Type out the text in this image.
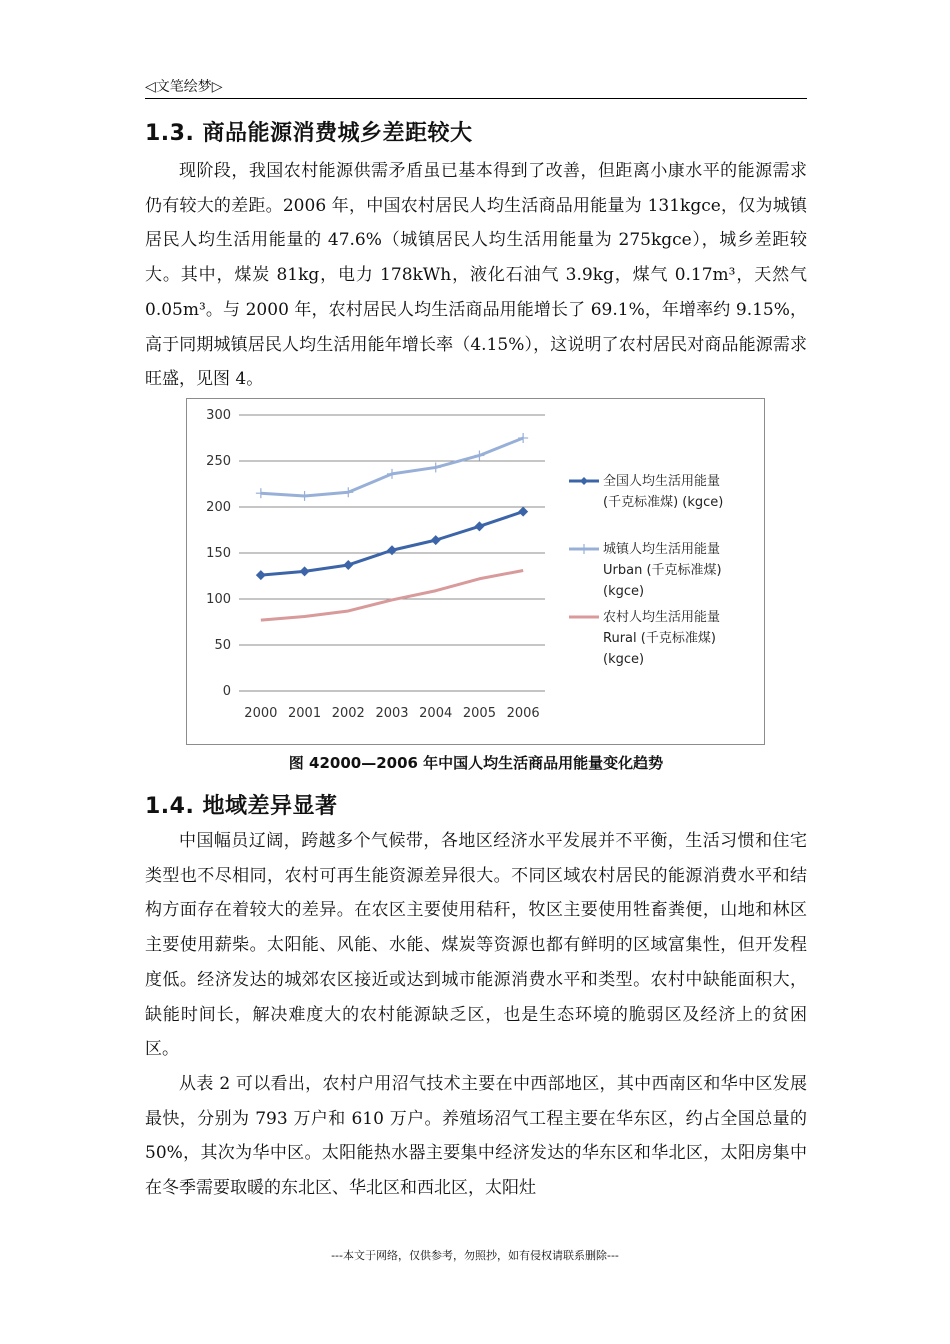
◁文笔绘梦▷
1.3. 商品能源消费城乡差距较大

现阶段，我国农村能源供需矛盾虽已基本得到了改善，但距离小康水平的能源需求仍有较大的差距。2006 年，中国农村居民人均生活商品用能量为 131kgce，仅为城镇居民人均生活用能量的 47.6%（城镇居民人均生活用能量为 275kgce），城乡差距较大。其中，煤炭 81kg，电力 178kWh，液化石油气 3.9kg，煤气 0.17m³，天然气 0.05m³。与 2000 年，农村居民人均生活商品用能增长了 69.1%，年增率约 9.15%，高于同期城镇居民人均生活用能年增长率（4.15%），这说明了农村居民对商品能源需求旺盛，见图 4。

0
50
100
150
200
250
300
2000 2001 2002 2003 2004 2005 2006
全国人均生活用能量
(千克标准煤) (kgce)
城镇人均生活用能量
Urban (千克标准煤)
(kgce)
农村人均生活用能量
Rural (千克标准煤)
(kgce)
图 42000—2006 年中国人均生活商品用能量变化趋势
1.4. 地域差异显著

中国幅员辽阔，跨越多个气候带，各地区经济水平发展并不平衡，生活习惯和住宅类型也不尽相同，农村可再生能资源差异很大。不同区域农村居民的能源消费水平和结构方面存在着较大的差异。在农区主要使用秸秆，牧区主要使用牲畜粪便，山地和林区主要使用薪柴。太阳能、风能、水能、煤炭等资源也都有鲜明的区域富集性，但开发程度低。经济发达的城郊农区接近或达到城市能源消费水平和类型。农村中缺能面积大，缺能时间长，解决难度大的农村能源缺乏区，也是生态环境的脆弱区及经济上的贫困区。

从表 2 可以看出，农村户用沼气技术主要在中西部地区，其中西南区和华中区发展最快，分别为 793 万户和 610 万户。养殖场沼气工程主要在华东区，约占全国总量的 50%，其次为华中区。太阳能热水器主要集中经济发达的华东区和华北区，太阳房集中在冬季需要取暖的东北区、华北区和西北区，太阳灶

---本文于网络，仅供参考，勿照抄，如有侵权请联系删除---
